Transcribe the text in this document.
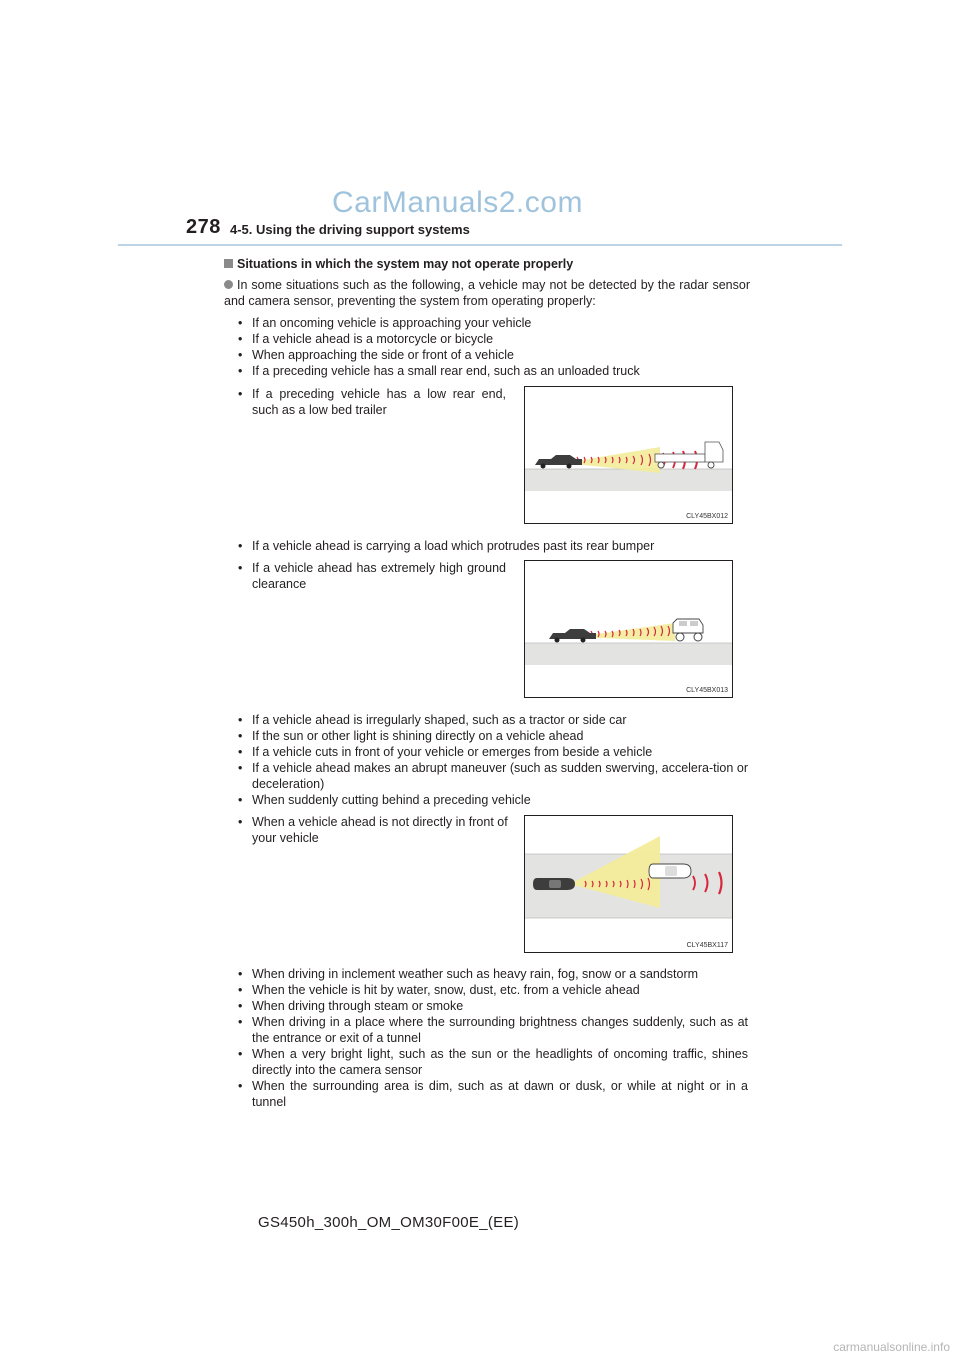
278 4-5. Using the driving support systems
CarManuals2.com
Situations in which the system may not operate properly
In some situations such as the following, a vehicle may not be detected by the radar sensor and camera sensor, preventing the system from operating properly:
• If an oncoming vehicle is approaching your vehicle
• If a vehicle ahead is a motorcycle or bicycle
• When approaching the side or front of a vehicle
• If a preceding vehicle has a small rear end, such as an unloaded truck
• If a preceding vehicle has a low rear end, such as a low bed trailer
CLY45BX012
• If a vehicle ahead is carrying a load which protrudes past its rear bumper
• If a vehicle ahead has extremely high ground clearance
CLY45BX013
• If a vehicle ahead is irregularly shaped, such as a tractor or side car
• If the sun or other light is shining directly on a vehicle ahead
• If a vehicle cuts in front of your vehicle or emerges from beside a vehicle
• If a vehicle ahead makes an abrupt maneuver (such as sudden swerving, accelera-tion or deceleration)
• When suddenly cutting behind a preceding vehicle
• When a vehicle ahead is not directly in front of your vehicle
CLY45BX117
• When driving in inclement weather such as heavy rain, fog, snow or a sandstorm
• When the vehicle is hit by water, snow, dust, etc. from a vehicle ahead
• When driving through steam or smoke
• When driving in a place where the surrounding brightness changes suddenly, such as at the entrance or exit of a tunnel
• When a very bright light, such as the sun or the headlights of oncoming traffic, shines directly into the camera sensor
• When the surrounding area is dim, such as at dawn or dusk, or while at night or in a tunnel
GS450h_300h_OM_OM30F00E_(EE)
carmanualsonline.info
